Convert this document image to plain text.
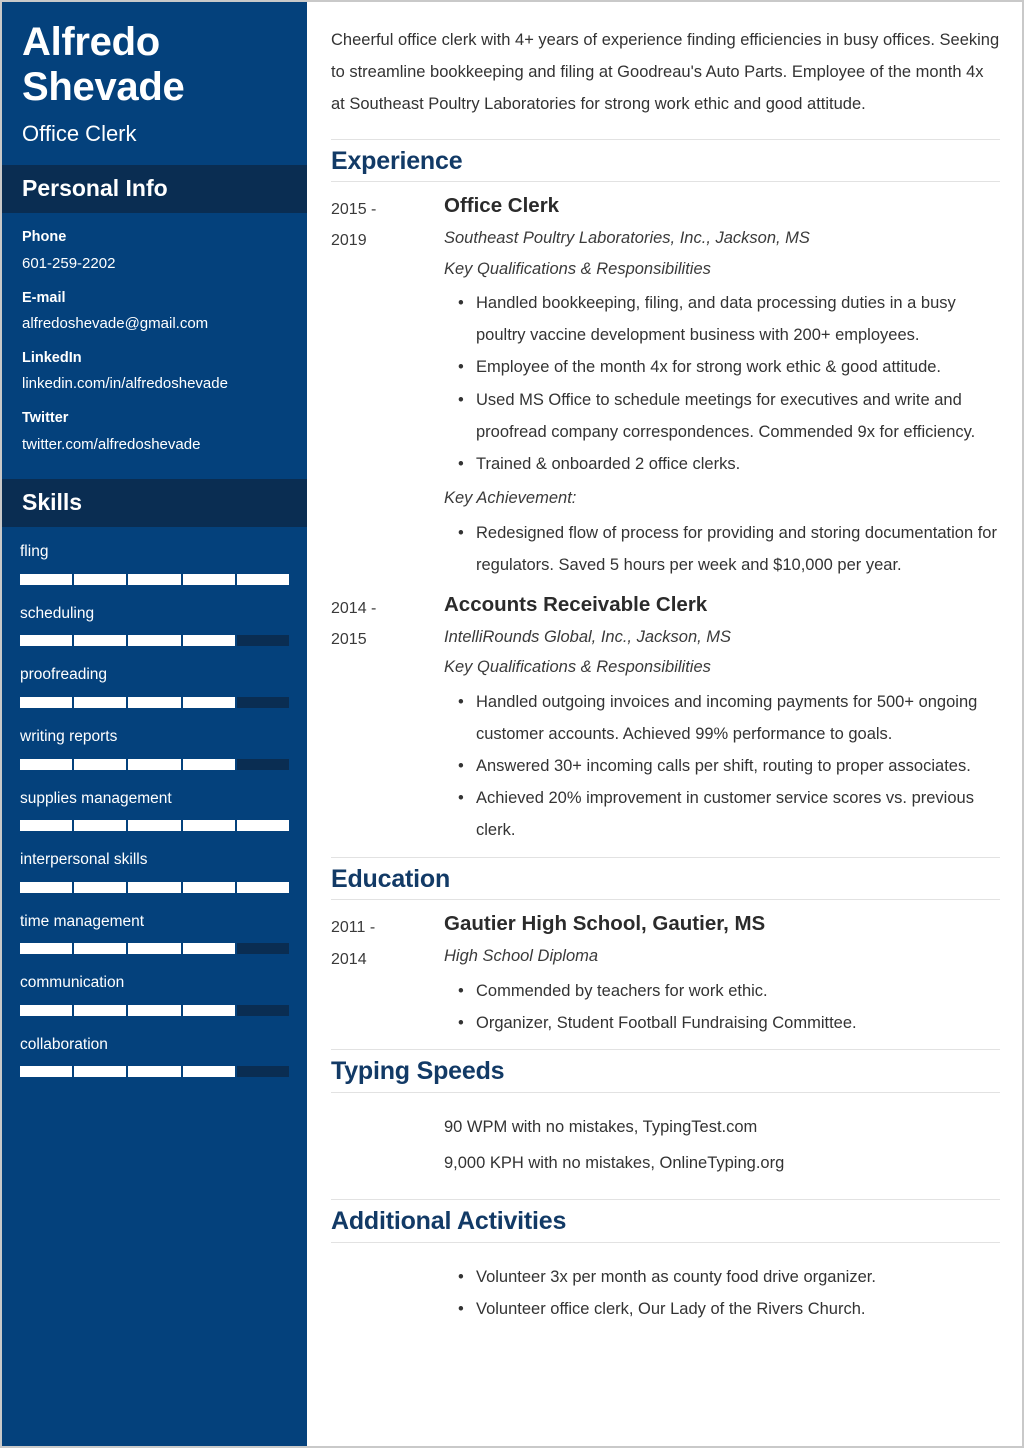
Alfredo
Shevade

Office Clerk

Personal Info

Phone

601-259-2202

E-mail

alfredoshevade@gmail.com

LinkedIn

linkedin.com/in/alfredoshevade

Twitter

twitter.com/alfredoshevade

Skills

fling

scheduling

proofreading

writing reports

supplies management

interpersonal skills

time management

communication

collaboration

Cheerful office clerk with 4+ years of experience finding efficiencies in busy offices. Seeking to streamline bookkeeping and filing at Goodreau's Auto Parts. Employee of the month 4x at Southeast Poultry Laboratories for strong work ethic and good attitude.

Experience
2015 -
2019
Office Clerk

Southeast Poultry Laboratories, Inc., Jackson, MS

Key Qualifications & Responsibilities

• Handled bookkeeping, filing, and data processing duties in a busy poultry vaccine development business with 200+ employees.
• Employee of the month 4x for strong work ethic & good attitude.
• Used MS Office to schedule meetings for executives and write and proofread company correspondences. Commended 9x for efficiency.
• Trained & onboarded 2 office clerks.

Key Achievement:

• Redesigned flow of process for providing and storing documentation for regulators. Saved 5 hours per week and $10,000 per year.
2014 -
2015
Accounts Receivable Clerk

IntelliRounds Global, Inc., Jackson, MS

Key Qualifications & Responsibilities

• Handled outgoing invoices and incoming payments for 500+ ongoing customer accounts. Achieved 99% performance to goals.
• Answered 30+ incoming calls per shift, routing to proper associates.
• Achieved 20% improvement in customer service scores vs. previous clerk.
Education
2011 -
2014
Gautier High School, Gautier, MS

High School Diploma

• Commended by teachers for work ethic.
• Organizer, Student Football Fundraising Committee.
Typing Speeds

90 WPM with no mistakes, TypingTest.com

9,000 KPH with no mistakes, OnlineTyping.org

Additional Activities
• Volunteer 3x per month as county food drive organizer.
• Volunteer office clerk, Our Lady of the Rivers Church.
